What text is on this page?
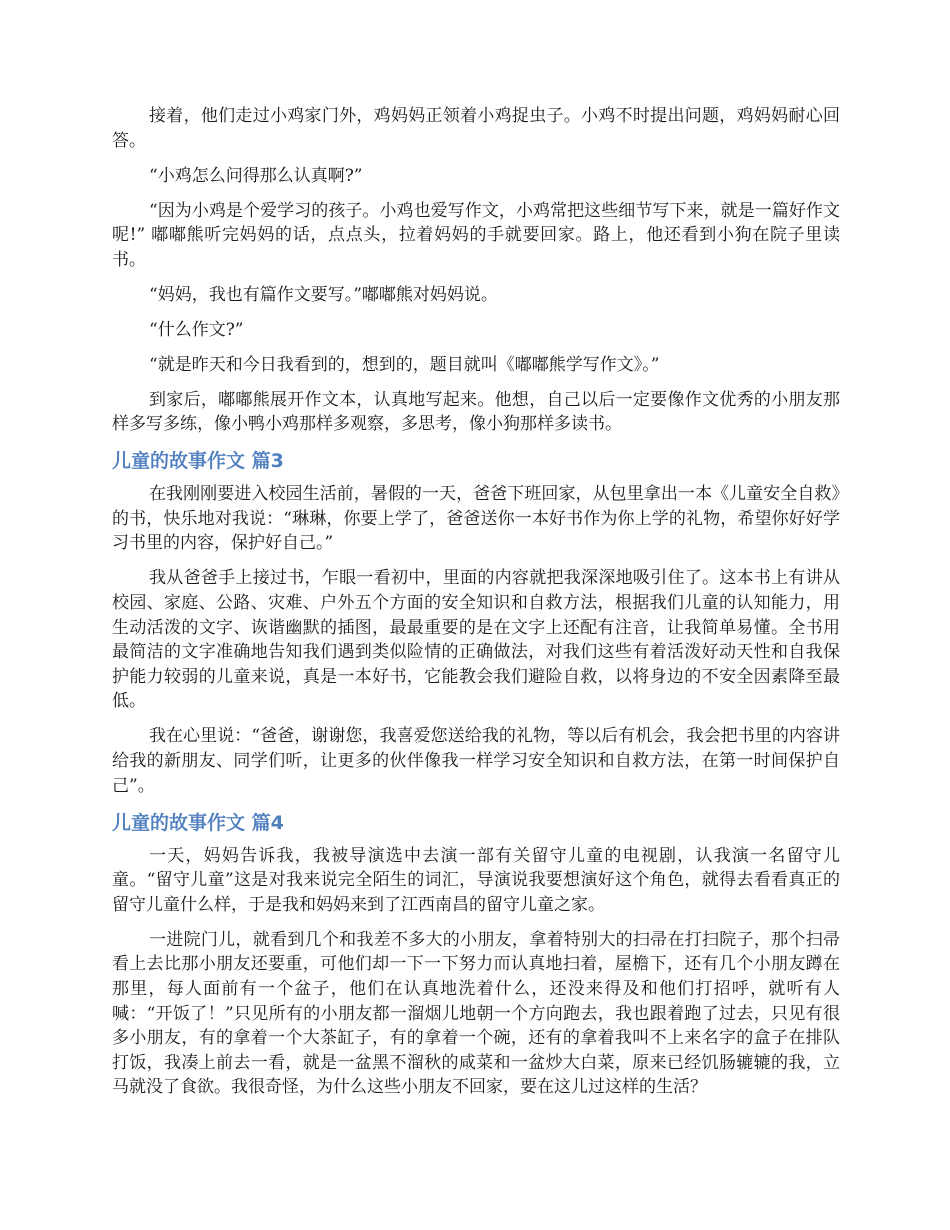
接着，他们走过小鸡家门外，鸡妈妈正领着小鸡捉虫子。小鸡不时提出问题，鸡妈妈耐心回答。

“小鸡怎么问得那么认真啊?”

“因为小鸡是个爱学习的孩子。小鸡也爱写作文，小鸡常把这些细节写下来，就是一篇好作文呢!” 嘟嘟熊听完妈妈的话，点点头，拉着妈妈的手就要回家。路上，他还看到小狗在院子里读书。

“妈妈，我也有篇作文要写。”嘟嘟熊对妈妈说。

“什么作文?”

“就是昨天和今日我看到的，想到的，题目就叫《嘟嘟熊学写作文》。”

到家后，嘟嘟熊展开作文本，认真地写起来。他想，自己以后一定要像作文优秀的小朋友那样多写多练，像小鸭小鸡那样多观察，多思考，像小狗那样多读书。

儿童的故事作文 篇3

在我刚刚要进入校园生活前，暑假的一天，爸爸下班回家，从包里拿出一本《儿童安全自救》的书，快乐地对我说：“琳琳，你要上学了，爸爸送你一本好书作为你上学的礼物，希望你好好学习书里的内容，保护好自己。”

我从爸爸手上接过书，乍眼一看初中，里面的内容就把我深深地吸引住了。这本书上有讲从校园、家庭、公路、灾难、户外五个方面的安全知识和自救方法，根据我们儿童的认知能力，用生动活泼的文字、诙谐幽默的插图，最最重要的是在文字上还配有注音，让我简单易懂。全书用最简洁的文字准确地告知我们遇到类似险情的正确做法，对我们这些有着活泼好动天性和自我保护能力较弱的儿童来说，真是一本好书，它能教会我们避险自救，以将身边的不安全因素降至最低。

我在心里说：“爸爸，谢谢您，我喜爱您送给我的礼物，等以后有机会，我会把书里的内容讲给我的新朋友、同学们听，让更多的伙伴像我一样学习安全知识和自救方法，在第一时间保护自己”。

儿童的故事作文 篇4

一天，妈妈告诉我，我被导演选中去演一部有关留守儿童的电视剧，认我演一名留守儿童。“留守儿童”这是对我来说完全陌生的词汇，导演说我要想演好这个角色，就得去看看真正的留守儿童什么样，于是我和妈妈来到了江西南昌的留守儿童之家。

一进院门儿，就看到几个和我差不多大的小朋友，拿着特别大的扫帚在打扫院子，那个扫帚看上去比那小朋友还要重，可他们却一下一下努力而认真地扫着，屋檐下，还有几个小朋友蹲在那里，每人面前有一个盆子，他们在认真地洗着什么，还没来得及和他们打招呼，就听有人喊：“开饭了！”只见所有的小朋友都一溜烟儿地朝一个方向跑去，我也跟着跑了过去，只见有很多小朋友，有的拿着一个大茶缸子，有的拿着一个碗，还有的拿着我叫不上来名字的盒子在排队打饭，我凑上前去一看，就是一盆黑不溜秋的咸菜和一盆炒大白菜，原来已经饥肠辘辘的我，立马就没了食欲。我很奇怪，为什么这些小朋友不回家，要在这儿过这样的生活？
